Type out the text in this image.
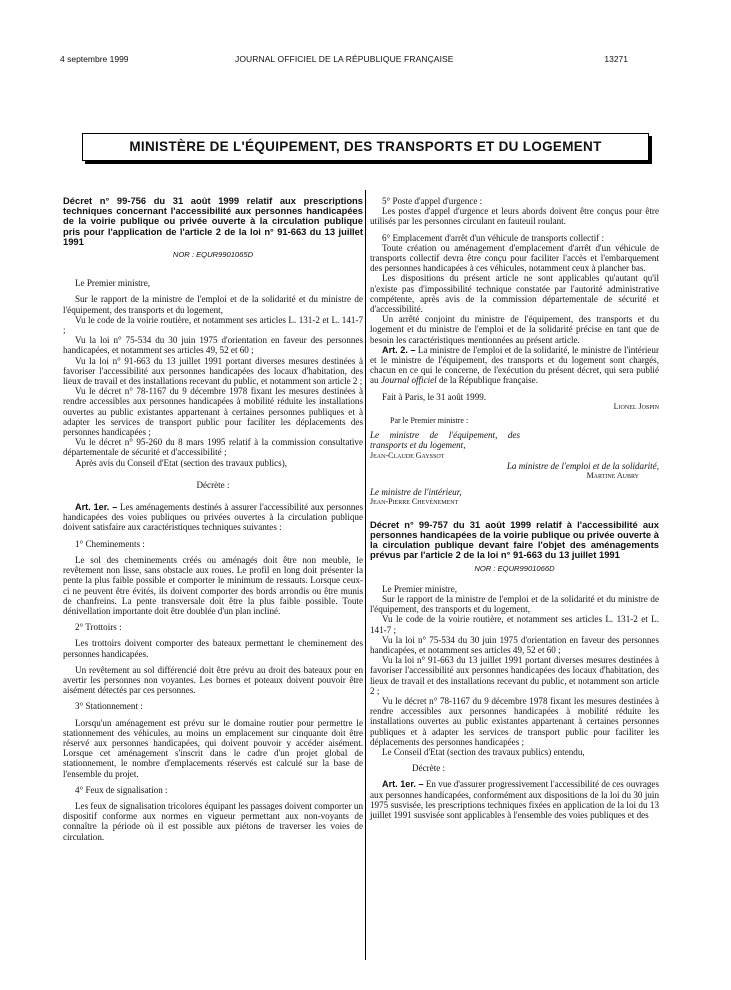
4 septembre 1999	JOURNAL OFFICIEL DE LA RÉPUBLIQUE FRANÇAISE	13271
MINISTÈRE DE L'ÉQUIPEMENT, DES TRANSPORTS ET DU LOGEMENT

Décret n° 99-756 du 31 août 1999 relatif aux prescriptions techniques concernant l'accessibilité aux personnes handicapées de la voirie publique ou privée ouverte à la circulation publique pris pour l'application de l'article 2 de la loi n° 91-663 du 13 juillet 1991

NOR : EQUR9901065D

Le Premier ministre,

Sur le rapport de la ministre de l'emploi et de la solidarité et du ministre de l'équipement, des transports et du logement,

Vu le code de la voirie routière, et notamment ses articles L. 131-2 et L. 141-7 ;

Vu la loi n° 75-534 du 30 juin 1975 d'orientation en faveur des personnes handicapées, et notamment ses articles 49, 52 et 60 ;

Vu la loi n° 91-663 du 13 juillet 1991 portant diverses mesures destinées à favoriser l'accessibilité aux personnes handicapées des locaux d'habitation, des lieux de travail et des installations recevant du public, et notamment son article 2 ;

Vu le décret n° 78-1167 du 9 décembre 1978 fixant les mesures destinées à rendre accessibles aux personnes handicapées à mobilité réduite les installations ouvertes au public existantes appartenant à certaines personnes publiques et à adapter les services de transport public pour faciliter les déplacements des personnes handicapées ;

Vu le décret n° 95-260 du 8 mars 1995 relatif à la commission consultative départementale de sécurité et d'accessibilité ;

Après avis du Conseil d'Etat (section des travaux publics),

Décrète :

Art. 1er. – Les aménagements destinés à assurer l'accessibilité aux personnes handicapées des voies publiques ou privées ouvertes à la circulation publique doivent satisfaire aux caractéristiques techniques suivantes :

1° Cheminements :

Le sol des cheminements créés ou aménagés doit être non meuble, le revêtement non lisse, sans obstacle aux roues. Le profil en long doit présenter la pente la plus faible possible et comporter le minimum de ressauts. Lorsque ceux-ci ne peuvent être évités, ils doivent comporter des bords arrondis ou être munis de chanfreins. La pente transversale doit être la plus faible possible. Toute dénivellation importante doit être doublée d'un plan incliné.

2° Trottoirs :

Les trottoirs doivent comporter des bateaux permettant le cheminement des personnes handicapées.

Un revêtement au sol différencié doit être prévu au droit des bateaux pour en avertir les personnes non voyantes. Les bornes et poteaux doivent pouvoir être aisément détectés par ces personnes.

3° Stationnement :

Lorsqu'un aménagement est prévu sur le domaine routier pour permettre le stationnement des véhicules, au moins un emplacement sur cinquante doit être réservé aux personnes handicapées, qui doivent pouvoir y accéder aisément. Lorsque cet aménagement s'inscrit dans le cadre d'un projet global de stationnement, le nombre d'emplacements réservés est calculé sur la base de l'ensemble du projet.

4° Feux de signalisation :

Les feux de signalisation tricolores équipant les passages doivent comporter un dispositif conforme aux normes en vigueur permettant aux non-voyants de connaître la période où il est possible aux piétons de traverser les voies de circulation.

5° Poste d'appel d'urgence :

Les postes d'appel d'urgence et leurs abords doivent être conçus pour être utilisés par les personnes circulant en fauteuil roulant.

6° Emplacement d'arrêt d'un véhicule de transports collectif :

Toute création ou aménagement d'emplacement d'arrêt d'un véhicule de transports collectif devra être conçu pour faciliter l'accès et l'embarquement des personnes handicapées à ces véhicules, notamment ceux à plancher bas.

Les dispositions du présent article ne sont applicables qu'autant qu'il n'existe pas d'impossibilité technique constatée par l'autorité administrative compétente, après avis de la commission départementale de sécurité et d'accessibilité.

Un arrêté conjoint du ministre de l'équipement, des transports et du logement et du ministre de l'emploi et de la solidarité précise en tant que de besoin les caractéristiques mentionnées au présent article.

Art. 2. – La ministre de l'emploi et de la solidarité, le ministre de l'intérieur et le ministre de l'équipement, des transports et du logement sont chargés, chacun en ce qui le concerne, de l'exécution du présent décret, qui sera publié au Journal officiel de la République française.

Fait à Paris, le 31 août 1999.

Lionel Jospin

Par le Premier ministre :

Le ministre de l'équipement, des transports et du logement,

Jean-Claude Gayssot

La ministre de l'emploi et de la solidarité,

Martine Aubry

Le ministre de l'intérieur,

Jean-Pierre Chevènement

Décret n° 99-757 du 31 août 1999 relatif à l'accessibilité aux personnes handicapées de la voirie publique ou privée ouverte à la circulation publique devant faire l'objet des aménagements prévus par l'article 2 de la loi n° 91-663 du 13 juillet 1991

NOR : EQUR9901066D

Le Premier ministre,

Sur le rapport de la ministre de l'emploi et de la solidarité et du ministre de l'équipement, des transports et du logement,

Vu le code de la voirie routière, et notamment ses articles L. 131-2 et L. 141-7 ;

Vu la loi n° 75-534 du 30 juin 1975 d'orientation en faveur des personnes handicapées, et notamment ses articles 49, 52 et 60 ;

Vu la loi n° 91-663 du 13 juillet 1991 portant diverses mesures destinées à favoriser l'accessibilité aux personnes handicapées des locaux d'habitation, des lieux de travail et des installations recevant du public, et notamment son article 2 ;

Vu le décret n° 78-1167 du 9 décembre 1978 fixant les mesures destinées à rendre accessibles aux personnes handicapées à mobilité réduite les installations ouvertes au public existantes appartenant à certaines personnes publiques et à adapter les services de transport public pour faciliter les déplacements des personnes handicapées ;

Le Conseil d'Etat (section des travaux publics) entendu,

Décrète :

Art. 1er. – En vue d'assurer progressivement l'accessibilité de ces ouvrages aux personnes handicapées, conformément aux dispositions de la loi du 30 juin 1975 susvisée, les prescriptions techniques fixées en application de la loi du 13 juillet 1991 susvisée sont applicables à l'ensemble des voies publiques et des
